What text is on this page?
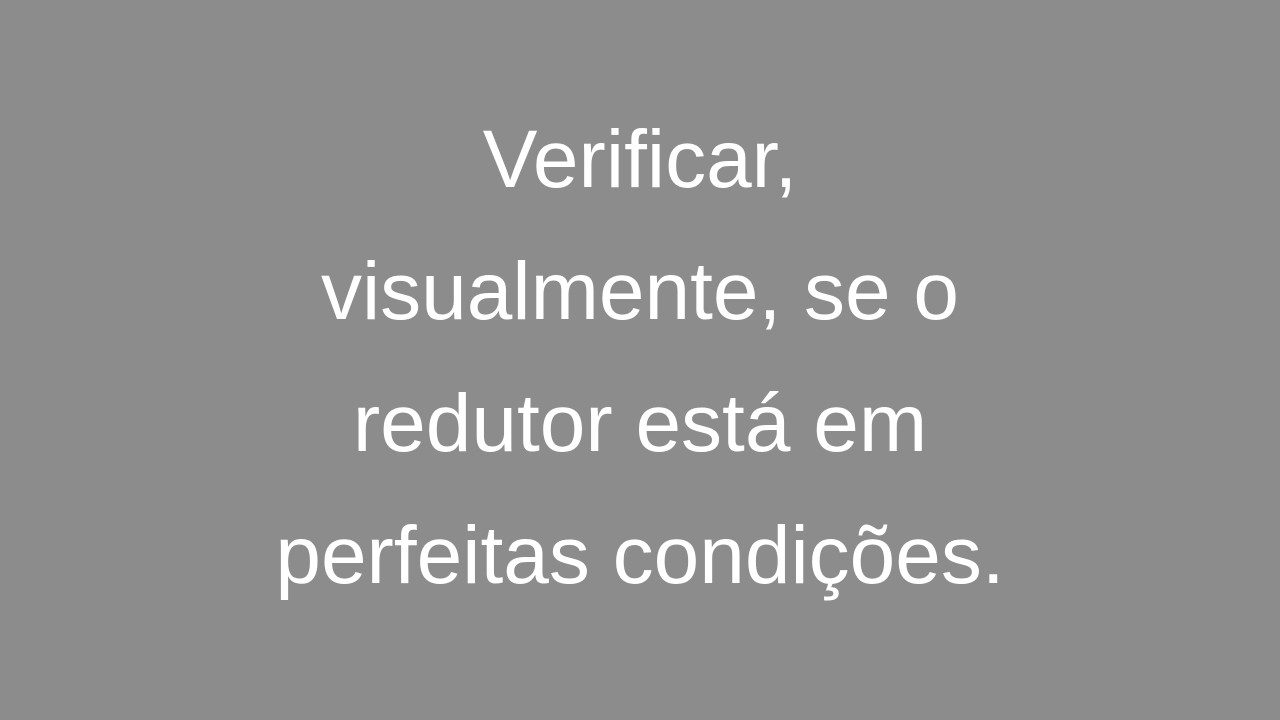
Verificar,
visualmente, se o
redutor está em
perfeitas condições.
